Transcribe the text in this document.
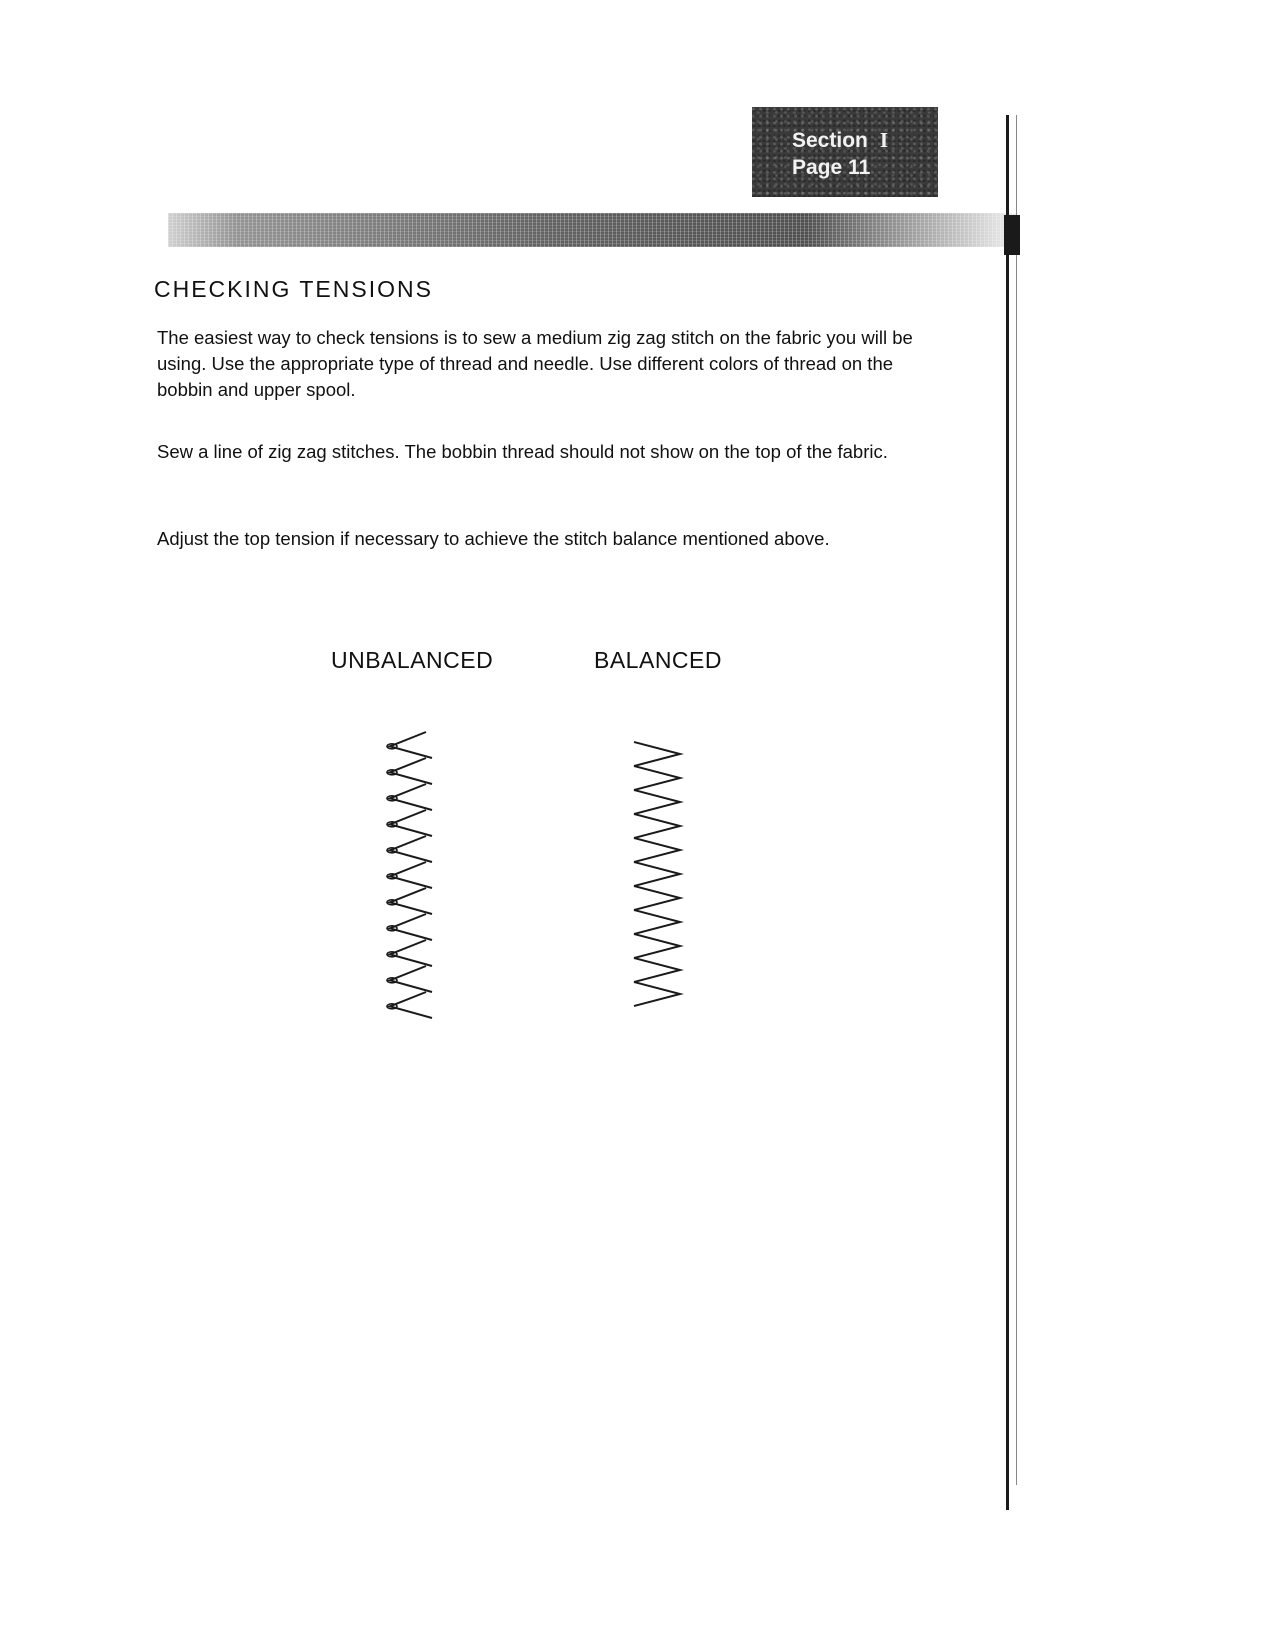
Section I
Page 11
CHECKING TENSIONS

The easiest way to check tensions is to sew a medium zig zag stitch on the fabric you will be using. Use the appropriate type of thread and needle. Use different colors of thread on the bobbin and upper spool.

Sew a line of zig zag stitches. The bobbin thread should not show on the top of the fabric.

Adjust the top tension if necessary to achieve the stitch balance mentioned above.

UNBALANCED	BALANCED
